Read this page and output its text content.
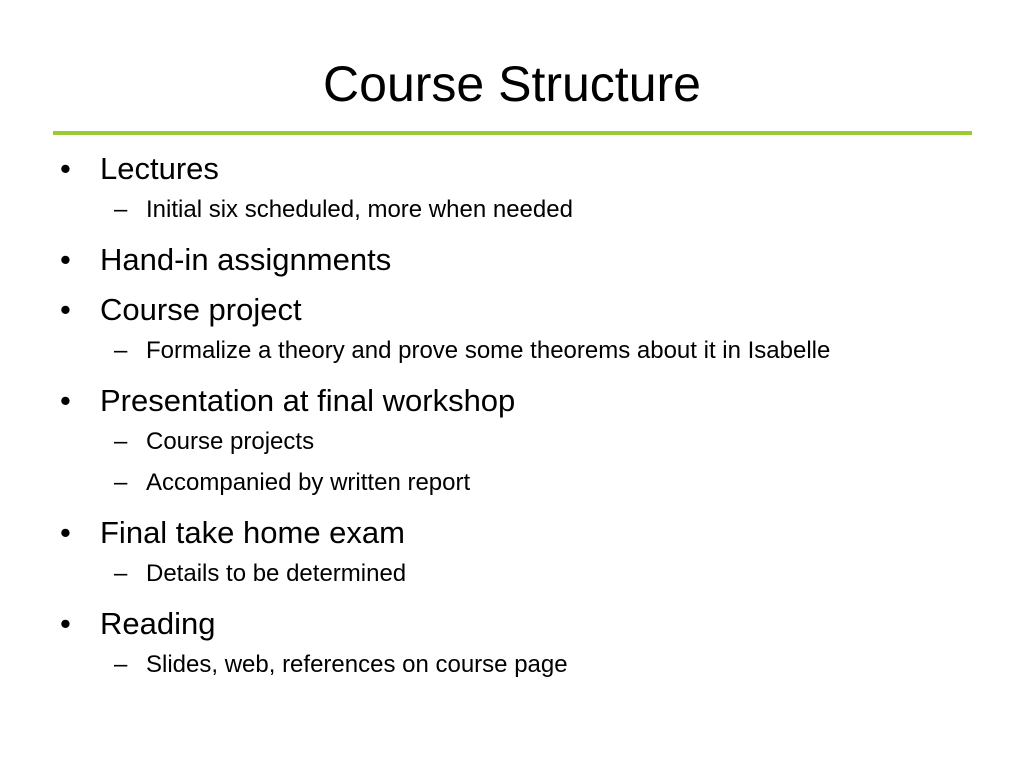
Course Structure
• Lectures
– Initial six scheduled, more when needed
• Hand-in assignments
• Course project
– Formalize a theory and prove some theorems about it in Isabelle
• Presentation at final workshop
– Course projects
– Accompanied by written report
• Final take home exam
– Details to be determined
• Reading
– Slides, web, references on course page
